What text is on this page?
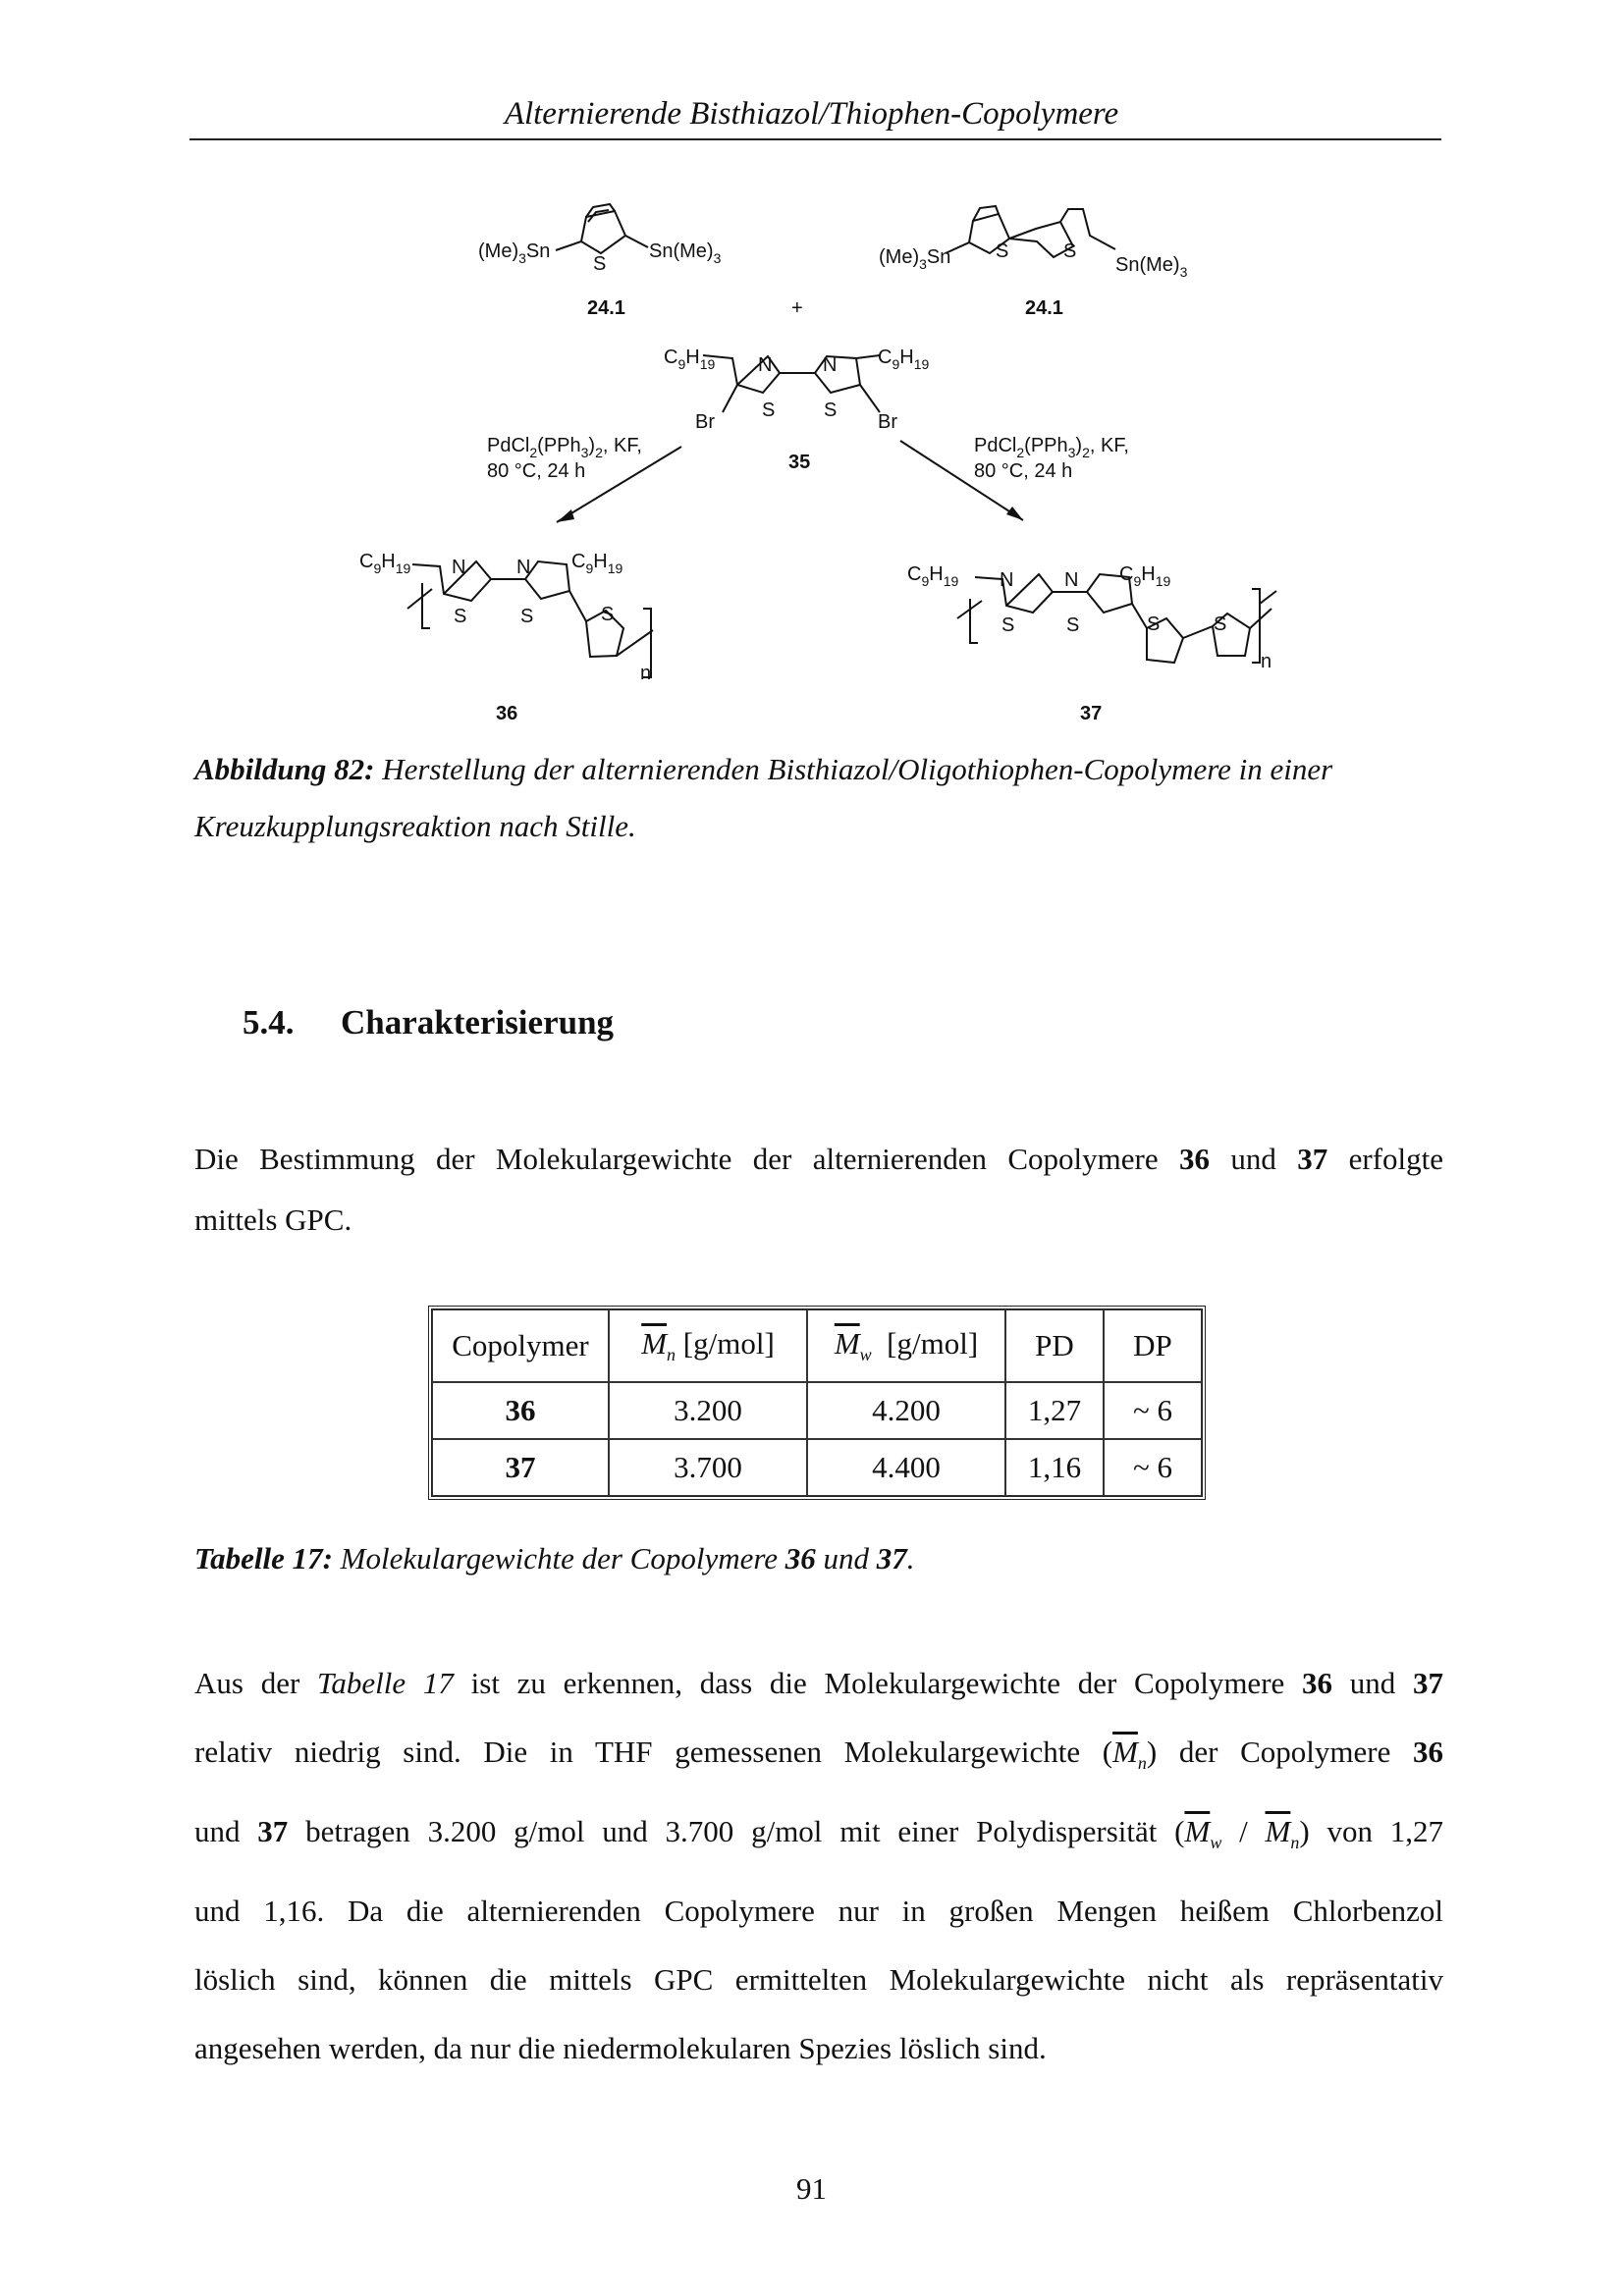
Alternierende Bisthiazol/Thiophen-Copolymere
$(Me)_3Sn$
S
$Sn(Me)_3$
24.1
$(Me)_3Sn$ S	S
$Sn(Me)_3$
24.1
+
$C_9H_{19}$ N	N $C_9H_{19}$
S S
Br	Br
35
$PdCl_2(PPh_3)_2$, KF,
80 °C, 24 h
$PdCl_2(PPh_3)_2$, KF,
80 °C, 24 h
$C_9H_{19}$ N	N $C_9H_{19}$
S	S	S
n
36
$C_9H_{19}$ N	N $C_9H_{19}$
S	S	S	S
n
37
Abbildung 82: Herstellung der alternierenden Bisthiazol/Oligothiophen-Copolymere in einer
Kreuzkupplungsreaktion nach Stille.
5.4. Charakterisierung
Die Bestimmung der Molekulargewichte der alternierenden Copolymere 36 und 37 erfolgte
mittels GPC.
Copolymer	$\overline{M}_n$ [g/mol]	$\overline{M}_w$  [g/mol]	PD	DP
36	3.200	4.200	1,27	~ 6
37	3.700	4.400	1,16	~ 6
Tabelle 17: Molekulargewichte der Copolymere 36 und 37.
Aus der Tabelle 17 ist zu erkennen, dass die Molekulargewichte der Copolymere 36 und 37
relativ niedrig sind. Die in THF gemessenen Molekulargewichte $(\overline{M}_n)$ der Copolymere 36
und 37 betragen 3.200 g/mol und 3.700 g/mol mit einer Polydispersität $(\overline{M}_w / \overline{M}_n)$ von 1,27
und 1,16. Da die alternierenden Copolymere nur in großen Mengen heißem Chlorbenzol
löslich sind, können die mittels GPC ermittelten Molekulargewichte nicht als repräsentativ
angesehen werden, da nur die niedermolekularen Spezies löslich sind.
91
